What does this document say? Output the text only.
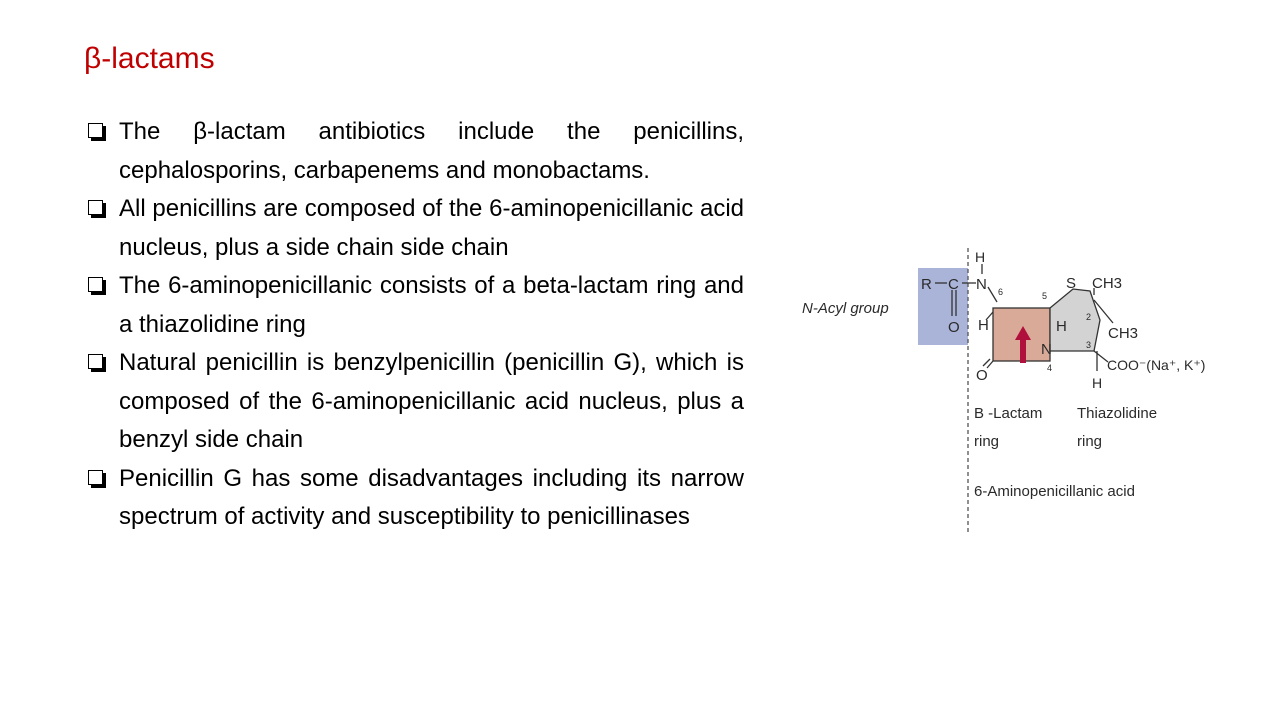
β-lactams
The β-lactam antibiotics include the penicillins, cephalosporins, carbapenems and monobactams.
All penicillins are composed of the 6-aminopenicillanic acid nucleus, plus a side chain side chain
The 6-aminopenicillanic consists of a beta-lactam ring and a thiazolidine ring
Natural penicillin is benzylpenicillin (penicillin G), which is composed of the 6-aminopenicillanic acid nucleus, plus a benzyl side chain
Penicillin G has some disadvantages including its narrow spectrum of activity and susceptibility to penicillinases
R C
O
H
N
H
O
S CH3
CH3
H
N
COO⁻(Na⁺, K⁺)
H
6	5
4
3
2
N-Acyl group
B -Lactam
ring
Thiazolidine
ring
6-Aminopenicillanic acid
